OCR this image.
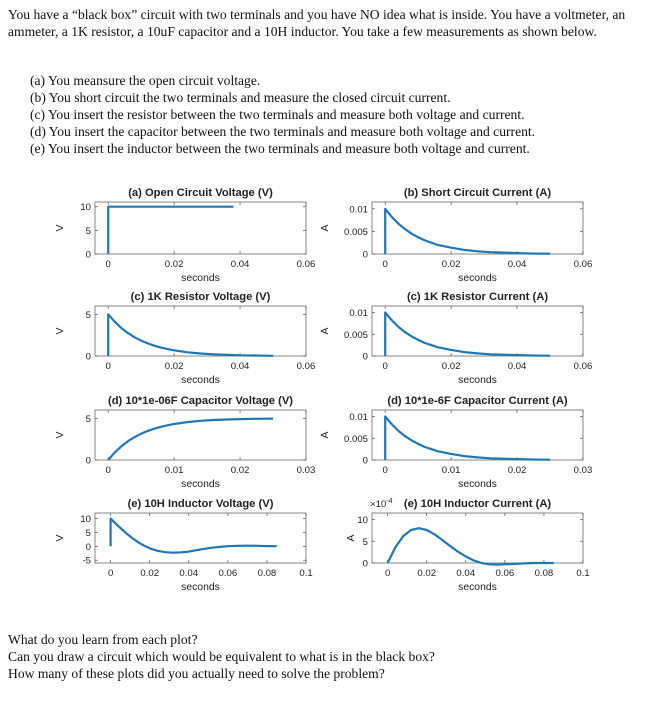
You have a “black box” circuit with two terminals and you have NO idea what is inside. You have a voltmeter, an ammeter, a 1K resistor, a 10uF capacitor and a 10H inductor. You take a few measurements as shown below.
(a) You meansure the open circuit voltage.
(b) You short circuit the two terminals and measure the closed circuit current.
(c) You insert the resistor between the two terminals and measure both voltage and current.
(d) You insert the capacitor between the two terminals and measure both voltage and current.
(e) You insert the inductor between the two terminals and measure both voltage and current.
0	0.02	0.04	0.06
0
5
10
(a) Open Circuit Voltage (V)
seconds
V
0	0.02	0.04	0.06
0
0.005
0.01
(b) Short Circuit Current (A)
seconds
A
0	0.02	0.04	0.06
0
5
(c) 1K Resistor Voltage (V)
seconds
V
0	0.02	0.04	0.06
0
0.005
0.01
(c) 1K Resistor Current (A)
seconds
A
0	0.01	0.02	0.03
0
5
(d) 10*1e-06F Capacitor Voltage (V)
seconds
V
0	0.01	0.02	0.03
0
0.005
0.01
(d) 10*1e-6F Capacitor Current (A)
seconds
A
0	0.02 0.04 0.06 0.08 0.1
-5
0
5
10
(e) 10H Inductor Voltage (V)
seconds
V
0	0.02 0.04 0.06 0.08 0.1
0
5
10
(e) 10H Inductor Current (A)
$\times 10^{-4}$
seconds
A
What do you learn from each plot?
Can you draw a circuit which would be equivalent to what is in the black box?
How many of these plots did you actually need to solve the problem?
